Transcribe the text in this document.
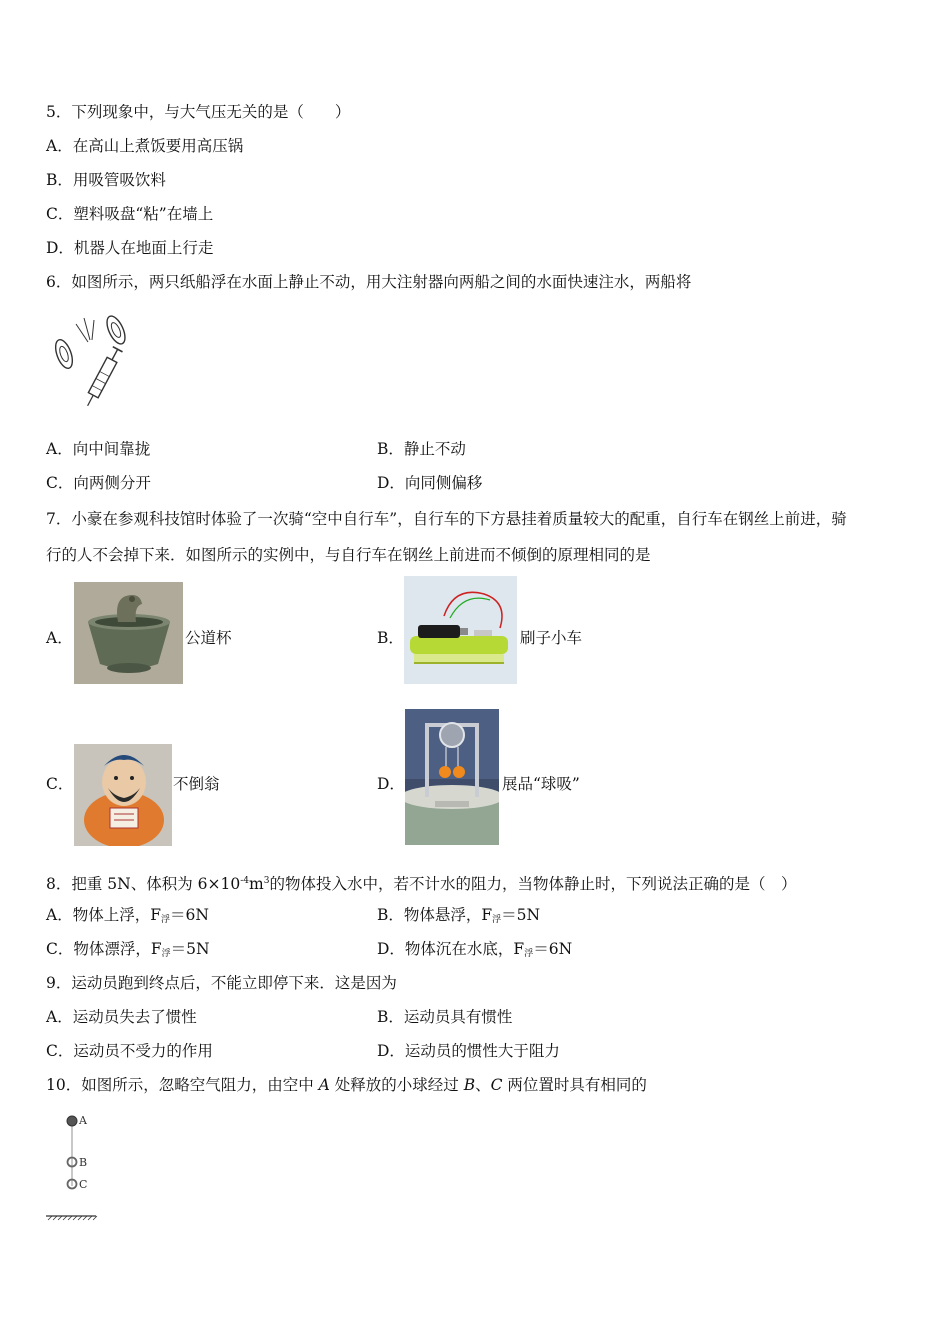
5．下列现象中，与大气压无关的是（　　）
A．在高山上煮饭要用高压锅
B．用吸管吸饮料
C．塑料吸盘“粘”在墙上
D．机器人在地面上行走
6．如图所示，两只纸船浮在水面上静止不动，用大注射器向两船之间的水面快速注水，两船将
A．向中间靠拢	B．静止不动
C．向两侧分开	D．向同侧偏移
7．小豪在参观科技馆时体验了一次骑“空中自行车”，自行车的下方悬挂着质量较大的配重，自行车在钢丝上前进，骑
行的人不会掉下来．如图所示的实例中，与自行车在钢丝上前进而不倾倒的原理相同的是
A．	公道杯	B．	刷子小车
C．	不倒翁	D．	展品“球吸”
8．把重 5N、体积为 $6\times 10^{-4}m^3$的物体投入水中，若不计水的阻力，当物体静止时，下列说法正确的是（　）
A．物体上浮，$F_浮=6N$	B．物体悬浮，$F_浮=5N$
C．物体漂浮，$F_浮=5N$	D．物体沉在水底，$F_浮=6N$
9．运动员跑到终点后，不能立即停下来．这是因为
A．运动员失去了惯性	B．运动员具有惯性
C．运动员不受力的作用	D．运动员的惯性大于阻力
10．如图所示，忽略空气阻力，由空中 A 处释放的小球经过 B、C 两位置时具有相同的
A
B
C
